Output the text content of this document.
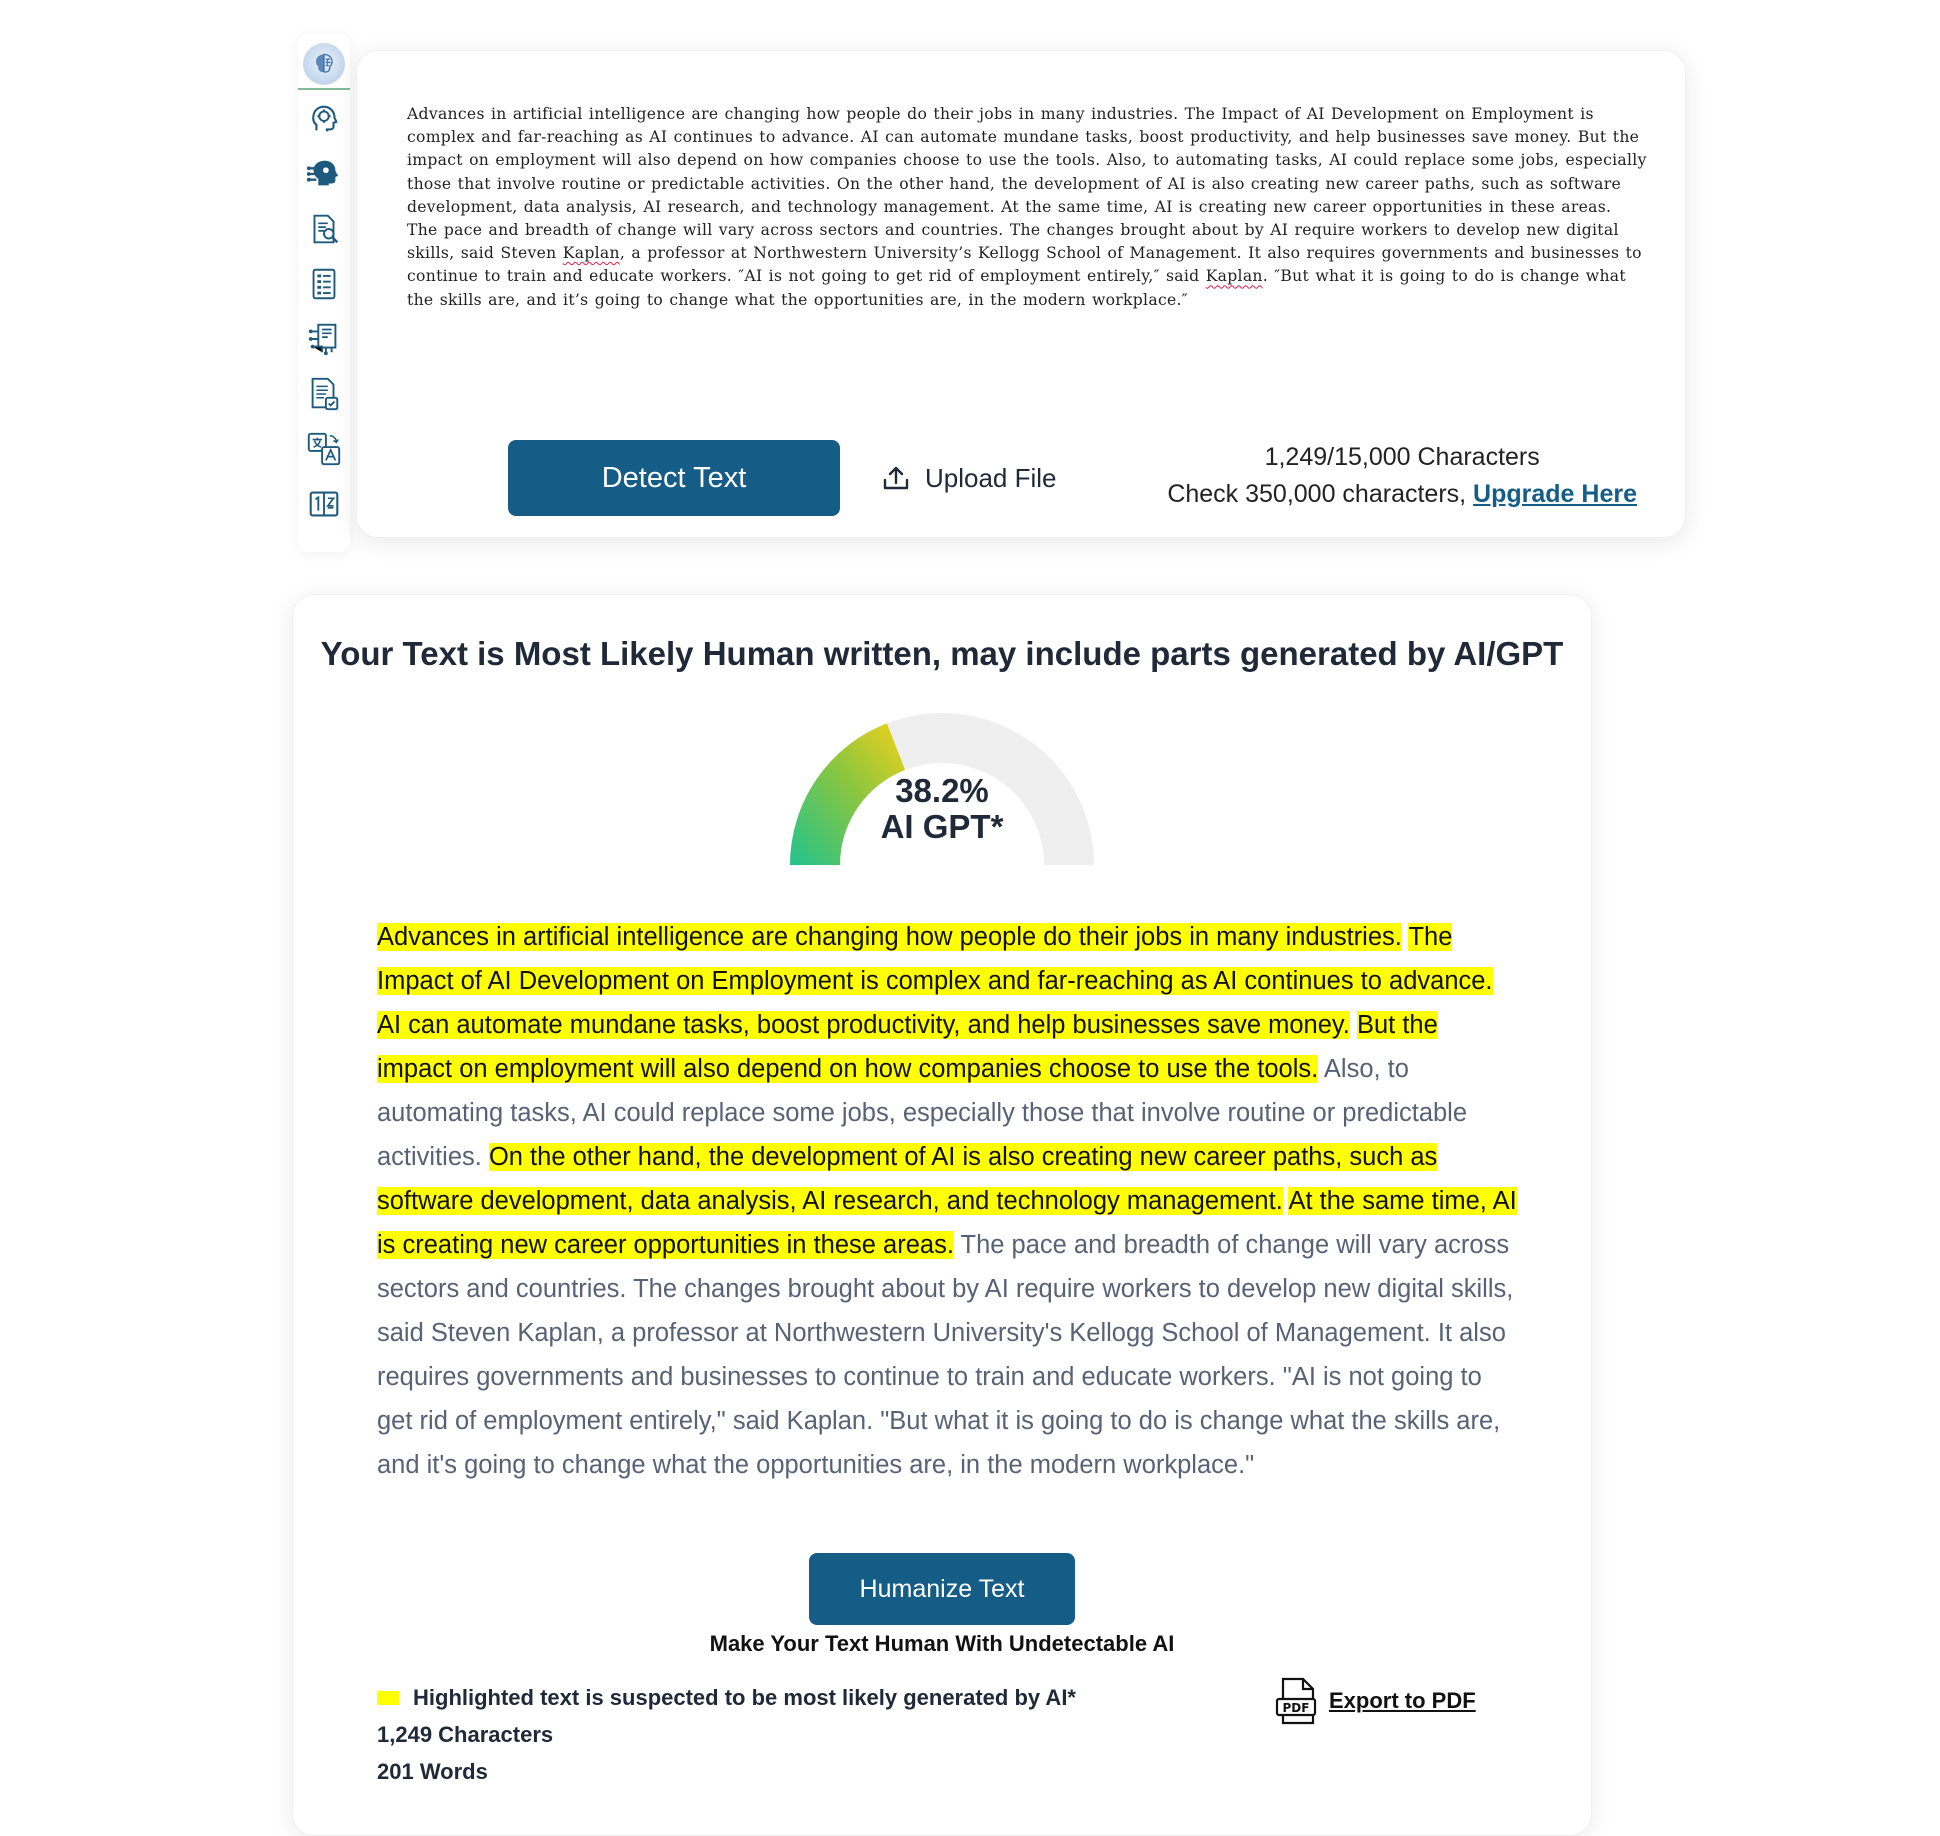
Advances in artificial intelligence are changing how people do their jobs in many industries. The Impact of AI Development on Employment is complex and far-reaching as AI continues to advance. AI can automate mundane tasks, boost productivity, and help businesses save money. But the impact on employment will also depend on how companies choose to use the tools. Also, to automating tasks, AI could replace some jobs, especially those that involve routine or predictable activities. On the other hand, the development of AI is also creating new career paths, such as software development, data analysis, AI research, and technology management. At the same time, AI is creating new career opportunities in these areas. The pace and breadth of change will vary across sectors and countries. The changes brought about by AI require workers to develop new digital skills, said Steven Kaplan, a professor at Northwestern University’s Kellogg School of Management. It also requires governments and businesses to continue to train and educate workers. ″AI is not going to get rid of employment entirely,″ said Kaplan. ″But what it is going to do is change what the skills are, and it’s going to change what the opportunities are, in the modern workplace.″
Detect Text	Upload File
1,249/15,000 Characters
Check 350,000 characters, Upgrade Here
Your Text is Most Likely Human written, may include parts generated by AI/GPT
38.2%
AI GPT*
Advances in artificial intelligence are changing how people do their jobs in many industries. The Impact of AI Development on Employment is complex and far-reaching as AI continues to advance. AI can automate mundane tasks, boost productivity, and help businesses save money. But the impact on employment will also depend on how companies choose to use the tools. Also, to automating tasks, AI could replace some jobs, especially those that involve routine or predictable activities. On the other hand, the development of AI is also creating new career paths, such as software development, data analysis, AI research, and technology management. At the same time, AI is creating new career opportunities in these areas. The pace and breadth of change will vary across sectors and countries. The changes brought about by AI require workers to develop new digital skills, said Steven Kaplan, a professor at Northwestern University's Kellogg School of Management. It also requires governments and businesses to continue to train and educate workers. "AI is not going to get rid of employment entirely," said Kaplan. "But what it is going to do is change what the skills are, and it's going to change what the opportunities are, in the modern workplace."
Humanize Text
Make Your Text Human With Undetectable AI
Highlighted text is suspected to be most likely generated by AI*
1,249 Characters
201 Words
PDF Export to PDF
